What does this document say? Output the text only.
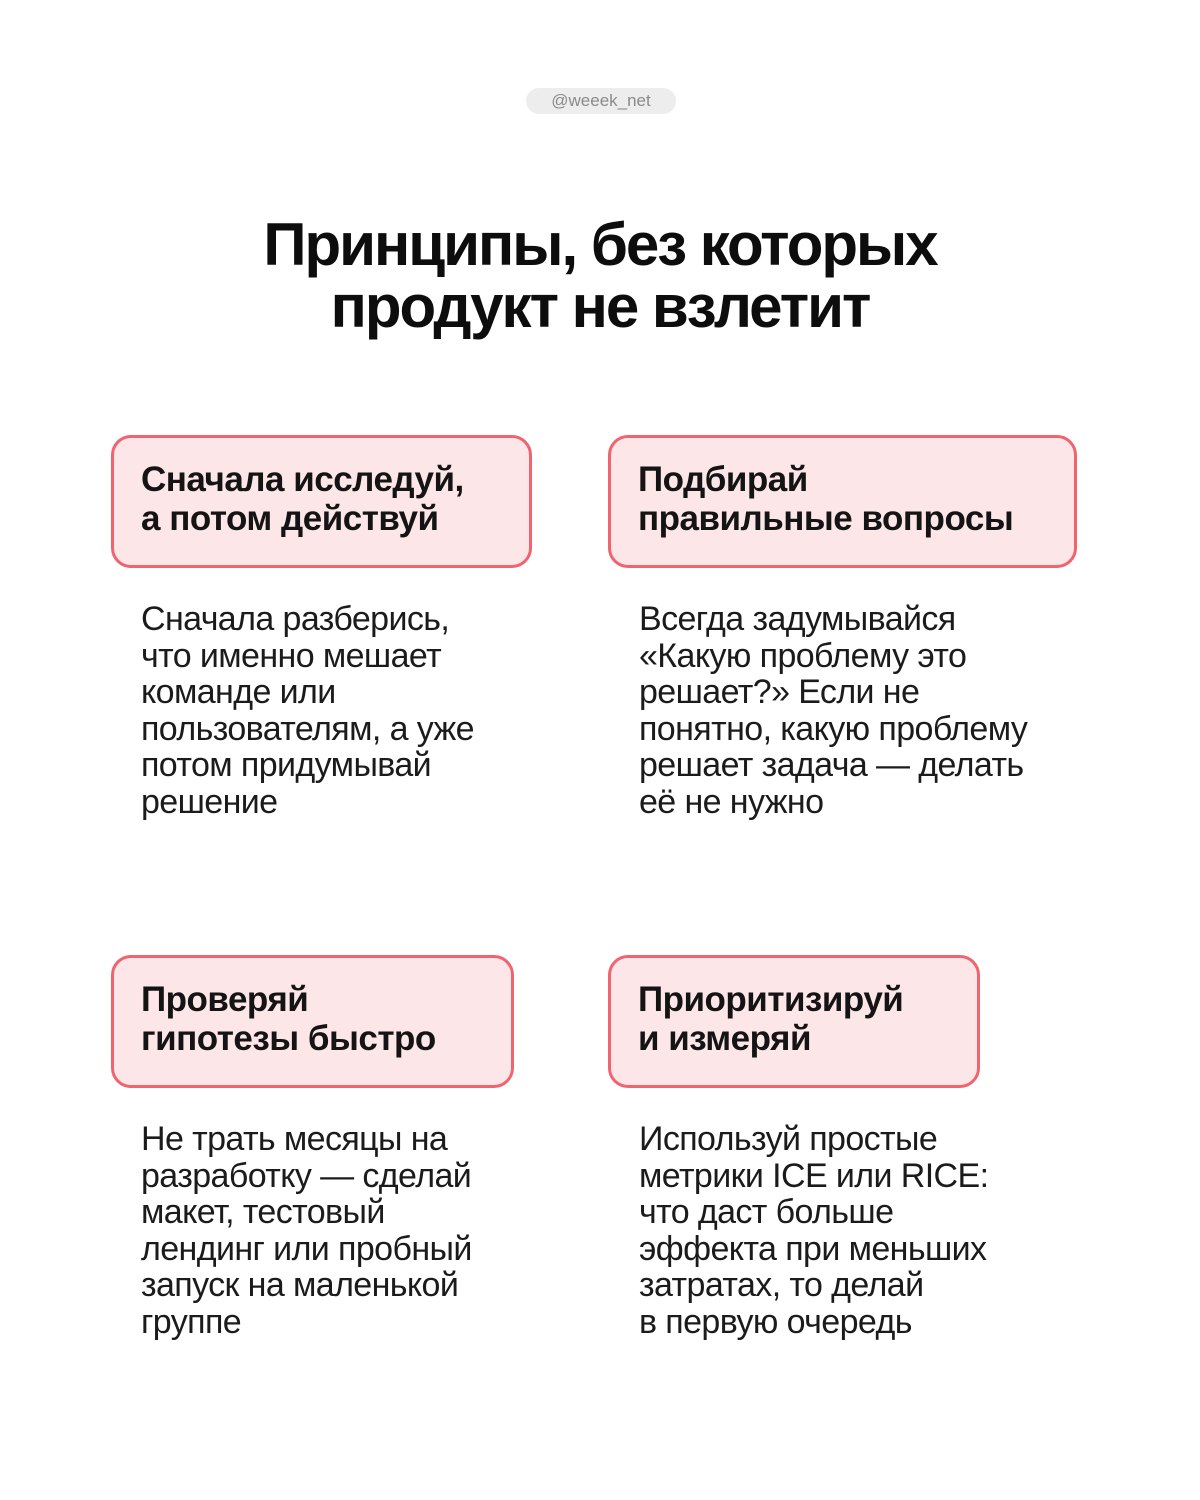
@weeek_net
Принципы, без которых
продукт не взлетит
Сначала исследуй,
а потом действуй
Сначала разберись,
что именно мешает
команде или
пользователям, а уже
потом придумывай
решение
Подбирай
правильные вопросы
Всегда задумывайся
«Какую проблему это
решает?» Если не
понятно, какую проблему
решает задача — делать
её не нужно
Проверяй
гипотезы быстро
Не трать месяцы на
разработку — сделай
макет, тестовый
лендинг или пробный
запуск на маленькой
группе
Приоритизируй
и измеряй
Используй простые
метрики ICE или RICE:
что даст больше
эффекта при меньших
затратах, то делай
в первую очередь
